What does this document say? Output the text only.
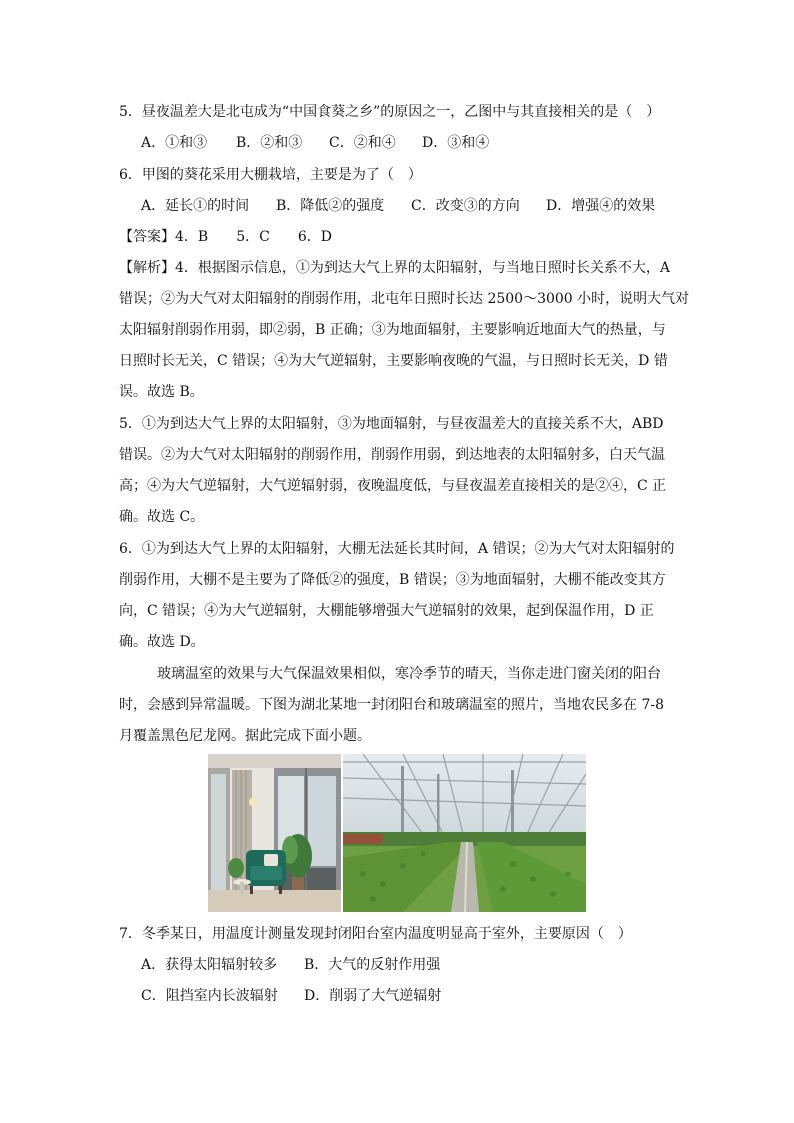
5．昼夜温差大是北屯成为“中国食葵之乡”的原因之一，乙图中与其直接相关的是（　）
A．①和③ B．②和③ C．②和④ D．③和④
6．甲图的葵花采用大棚栽培，主要是为了（　）
A．延长①的时间 B．降低②的强度 C．改变③的方向 D．增强④的效果
【答案】4．B　　5．C　　6．D
【解析】4．根据图示信息，①为到达大气上界的太阳辐射，与当地日照时长关系不大，A
错误；②为大气对太阳辐射的削弱作用，北屯年日照时长达 2500～3000 小时，说明大气对
太阳辐射削弱作用弱，即②弱，B 正确；③为地面辐射，主要影响近地面大气的热量，与
日照时长无关，C 错误；④为大气逆辐射，主要影响夜晚的气温，与日照时长无关，D 错
误。故选 B。
5．①为到达大气上界的太阳辐射，③为地面辐射，与昼夜温差大的直接关系不大，ABD
错误。②为大气对太阳辐射的削弱作用，削弱作用弱，到达地表的太阳辐射多，白天气温
高；④为大气逆辐射，大气逆辐射弱，夜晚温度低，与昼夜温差直接相关的是②④，C 正
确。故选 C。
6．①为到达大气上界的太阳辐射，大棚无法延长其时间，A 错误；②为大气对太阳辐射的
削弱作用，大棚不是主要为了降低②的强度，B 错误；③为地面辐射，大棚不能改变其方
向，C 错误；④为大气逆辐射，大棚能够增强大气逆辐射的效果，起到保温作用，D 正
确。故选 D。
玻璃温室的效果与大气保温效果相似，寒冷季节的晴天，当你走进门窗关闭的阳台
时，会感到异常温暖。下图为湖北某地一封闭阳台和玻璃温室的照片，当地农民多在 7-8
月覆盖黑色尼龙网。据此完成下面小题。
7．冬季某日，用温度计测量发现封闭阳台室内温度明显高于室外，主要原因（　）
A．获得太阳辐射较多 B．大气的反射作用强
C．阻挡室内长波辐射 D．削弱了大气逆辐射
